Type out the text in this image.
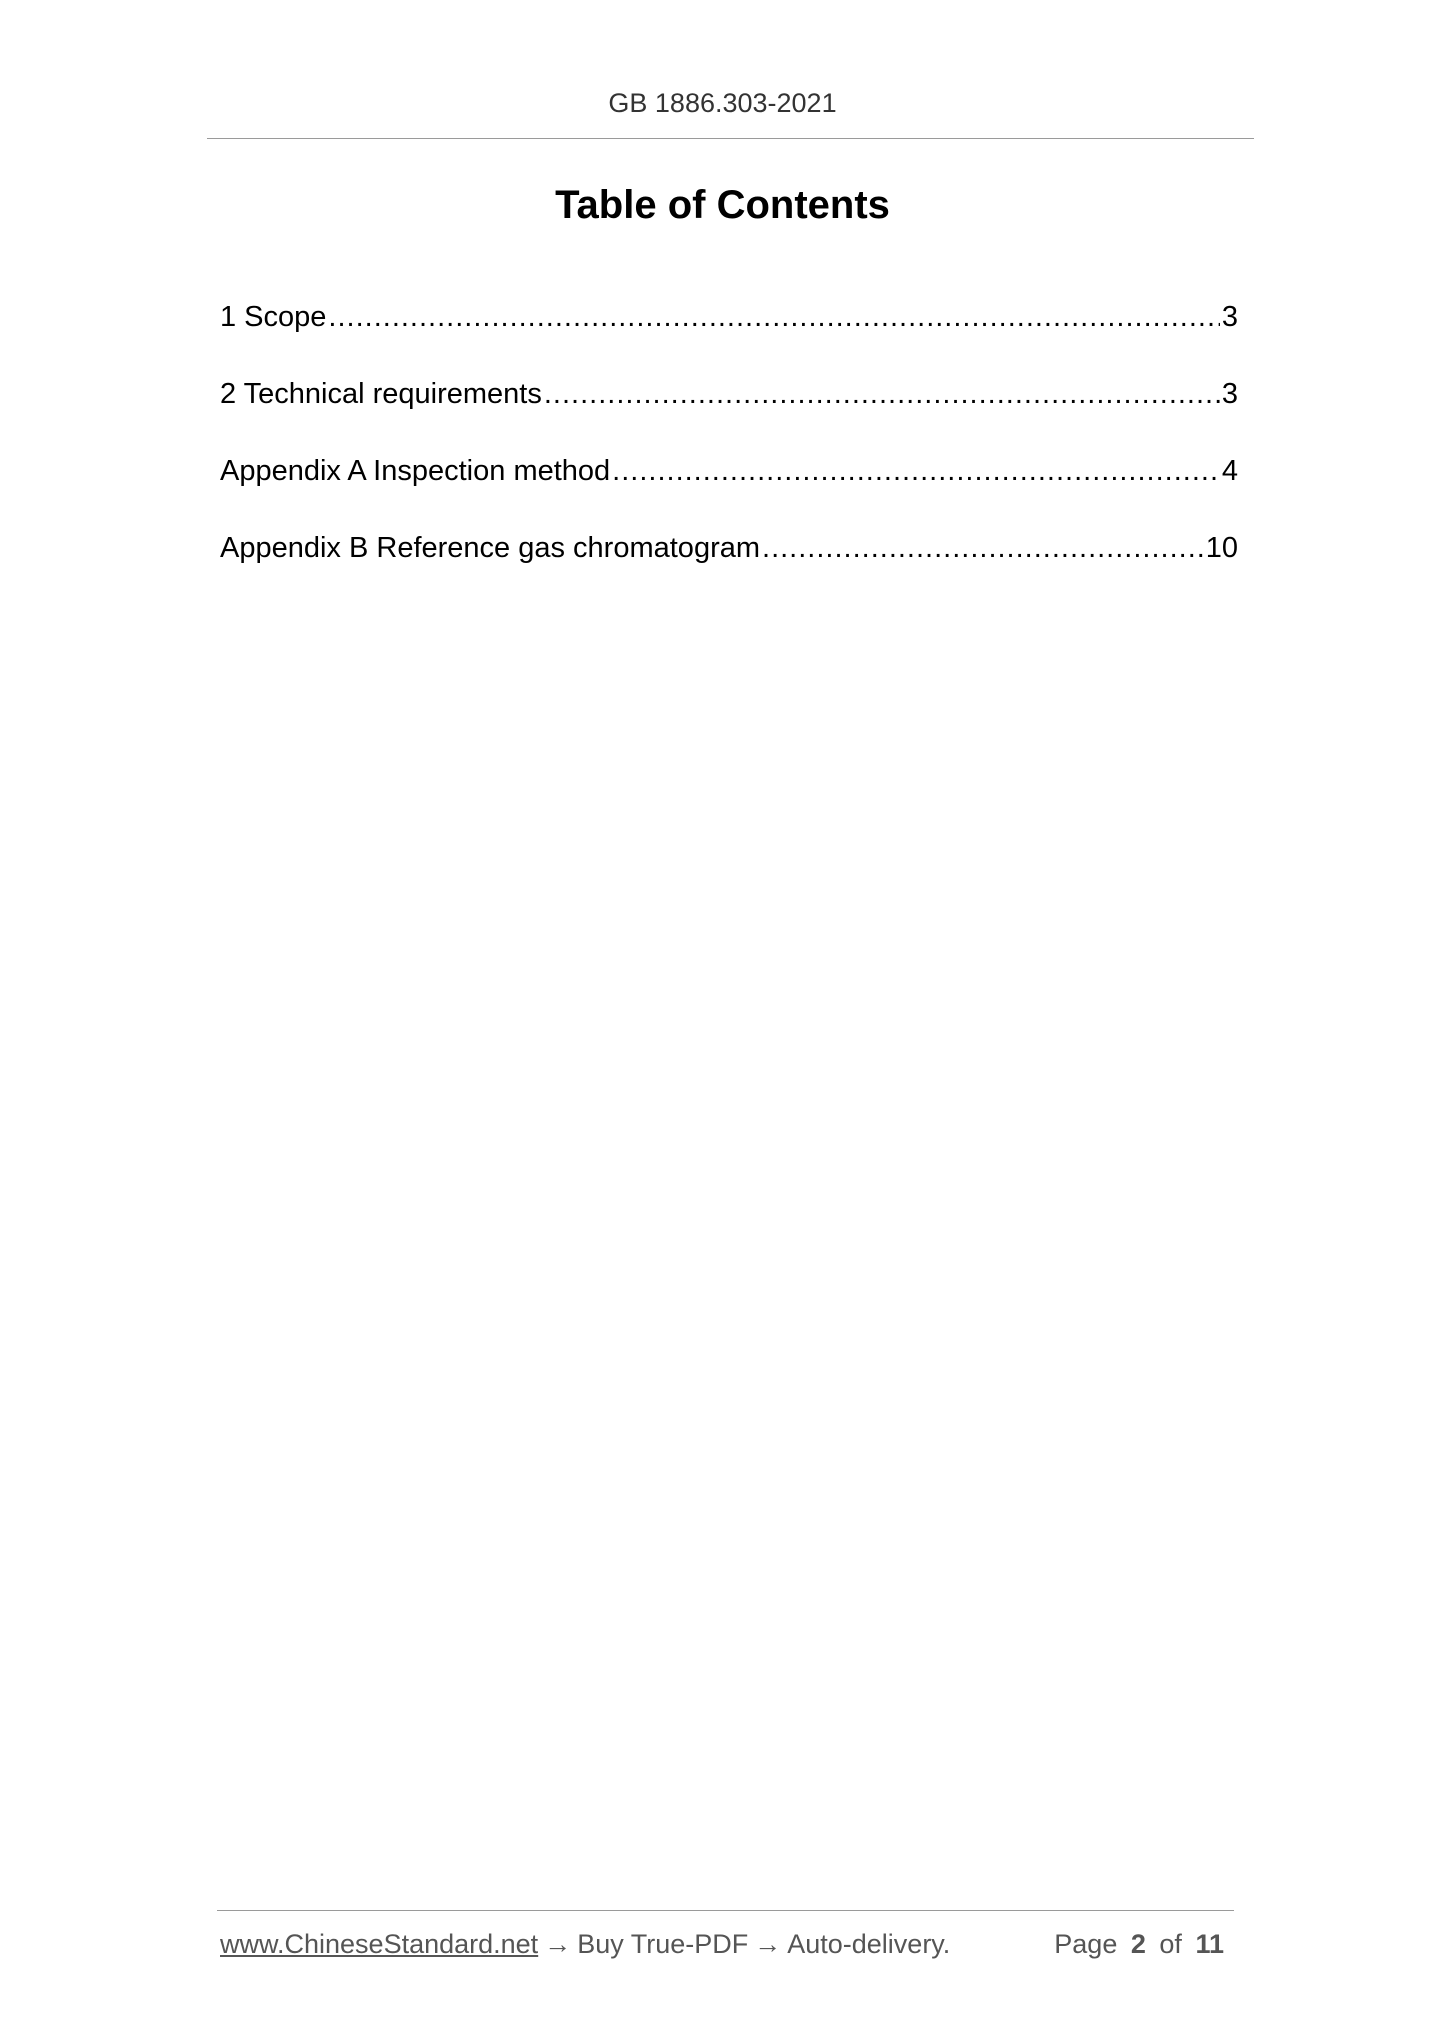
GB 1886.303-2021
Table of Contents
1 Scope .....	3
2 Technical requirements .....	3
Appendix A Inspection method .....	4
Appendix B Reference gas chromatogram .....	10
www.ChineseStandard.net → Buy True-PDF → Auto-delivery.	Page 2 of 11
